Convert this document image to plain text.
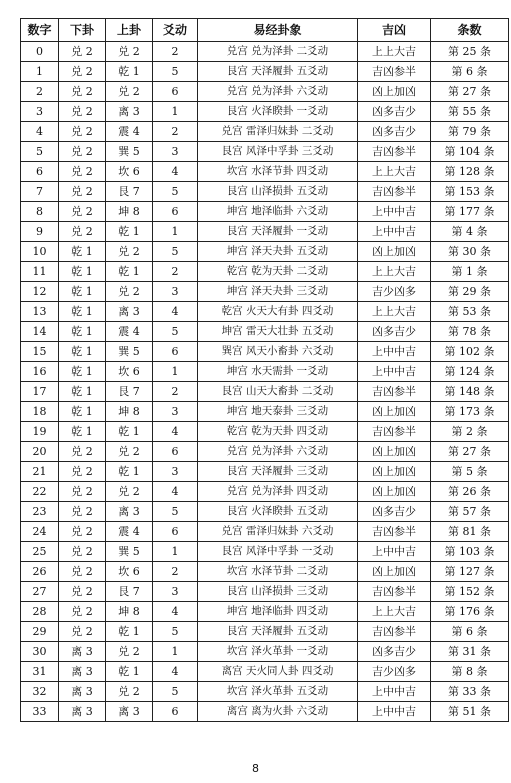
数字	下卦	上卦	爻动	易经卦象	吉凶	条数
0	兑 2	兑 2	2	兑宫 兑为泽卦 二爻动	上上大吉	第 25 条
1	兑 2	乾 1	5	艮宫 天泽履卦 五爻动	吉凶参半	第 6 条
2	兑 2	兑 2	6	兑宫 兑为泽卦 六爻动	凶上加凶	第 27 条
3	兑 2	离 3	1	艮宫 火泽睽卦 一爻动	凶多吉少	第 55 条
4	兑 2	震 4	2	兑宫 雷泽归妹卦 二爻动	凶多吉少	第 79 条
5	兑 2	巽 5	3	艮宫 风泽中孚卦 三爻动	吉凶参半	第 104 条
6	兑 2	坎 6	4	坎宫 水泽节卦 四爻动	上上大吉	第 128 条
7	兑 2	艮 7	5	艮宫 山泽损卦 五爻动	吉凶参半	第 153 条
8	兑 2	坤 8	6	坤宫 地泽临卦 六爻动	上中中吉	第 177 条
9	兑 2	乾 1	1	艮宫 天泽履卦 一爻动	上中中吉	第 4 条
10	乾 1	兑 2	5	坤宫 泽天夬卦 五爻动	凶上加凶	第 30 条
11	乾 1	乾 1	2	乾宫 乾为天卦 二爻动	上上大吉	第 1 条
12	乾 1	兑 2	3	坤宫 泽天夬卦 三爻动	吉少凶多	第 29 条
13	乾 1	离 3	4	乾宫 火天大有卦 四爻动	上上大吉	第 53 条
14	乾 1	震 4	5	坤宫 雷天大壮卦 五爻动	凶多吉少	第 78 条
15	乾 1	巽 5	6	巽宫 风天小畜卦 六爻动	上中中吉	第 102 条
16	乾 1	坎 6	1	坤宫 水天需卦 一爻动	上中中吉	第 124 条
17	乾 1	艮 7	2	艮宫 山天大畜卦 二爻动	吉凶参半	第 148 条
18	乾 1	坤 8	3	坤宫 地天泰卦 三爻动	凶上加凶	第 173 条
19	乾 1	乾 1	4	乾宫 乾为天卦 四爻动	吉凶参半	第 2 条
20	兑 2	兑 2	6	兑宫 兑为泽卦 六爻动	凶上加凶	第 27 条
21	兑 2	乾 1	3	艮宫 天泽履卦 三爻动	凶上加凶	第 5 条
22	兑 2	兑 2	4	兑宫 兑为泽卦 四爻动	凶上加凶	第 26 条
23	兑 2	离 3	5	艮宫 火泽睽卦 五爻动	凶多吉少	第 57 条
24	兑 2	震 4	6	兑宫 雷泽归妹卦 六爻动	吉凶参半	第 81 条
25	兑 2	巽 5	1	艮宫 风泽中孚卦 一爻动	上中中吉	第 103 条
26	兑 2	坎 6	2	坎宫 水泽节卦 二爻动	凶上加凶	第 127 条
27	兑 2	艮 7	3	艮宫 山泽损卦 三爻动	吉凶参半	第 152 条
28	兑 2	坤 8	4	坤宫 地泽临卦 四爻动	上上大吉	第 176 条
29	兑 2	乾 1	5	艮宫 天泽履卦 五爻动	吉凶参半	第 6 条
30	离 3	兑 2	1	坎宫 泽火革卦 一爻动	凶多吉少	第 31 条
31	离 3	乾 1	4	离宫 天火同人卦 四爻动	吉少凶多	第 8 条
32	离 3	兑 2	5	坎宫 泽火革卦 五爻动	上中中吉	第 33 条
33	离 3	离 3	6	离宫 离为火卦 六爻动	上中中吉	第 51 条
8
